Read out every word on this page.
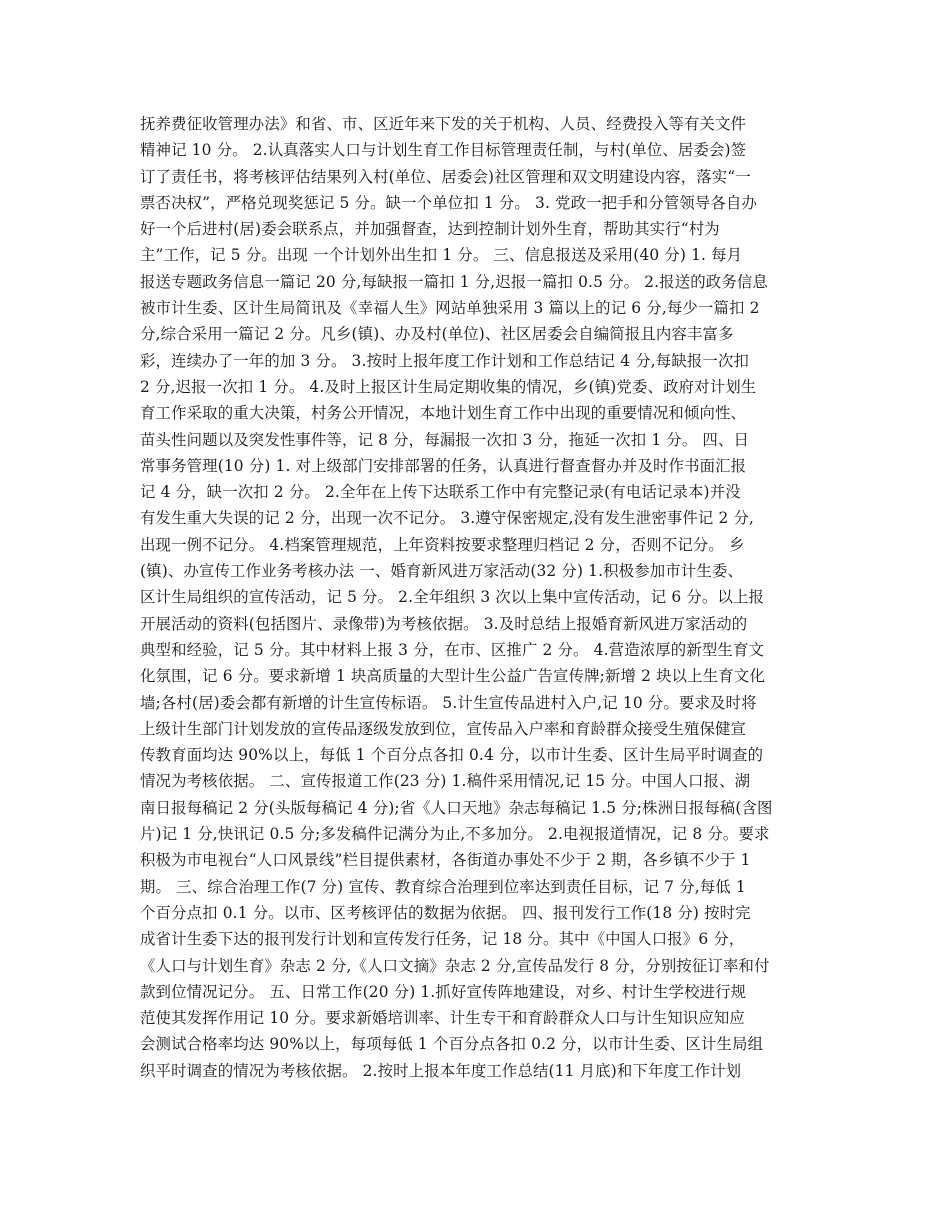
抚养费征收管理办法》和省、市、区近年来下发的关于机构、人员、经费投入等有关文件
精神记 10 分。 2.认真落实人口与计划生育工作目标管理责任制，与村(单位、居委会)签
订了责任书，将考核评估结果列入村(单位、居委会)社区管理和双文明建设内容，落实“一
票否决权”，严格兑现奖惩记 5 分。缺一个单位扣 1 分。 3. 党政一把手和分管领导各自办
好一个后进村(居)委会联系点，并加强督查，达到控制计划外生育，帮助其实行“村为
主”工作，记 5 分。出现 一个计划外出生扣 1 分。 三、信息报送及采用(40 分) 1. 每月
报送专题政务信息一篇记 20 分,每缺报一篇扣 1 分,迟报一篇扣 0.5 分。 2.报送的政务信息
被市计生委、区计生局简讯及《幸福人生》网站单独采用 3 篇以上的记 6 分,每少一篇扣 2
分,综合采用一篇记 2 分。凡乡(镇)、办及村(单位)、社区居委会自编简报且内容丰富多
彩，连续办了一年的加 3 分。 3.按时上报年度工作计划和工作总结记 4 分,每缺报一次扣
2 分,迟报一次扣 1 分。 4.及时上报区计生局定期收集的情况，乡(镇)党委、政府对计划生
育工作采取的重大决策，村务公开情况，本地计划生育工作中出现的重要情况和倾向性、
苗头性问题以及突发性事件等，记 8 分，每漏报一次扣 3 分，拖延一次扣 1 分。 四、日
常事务管理(10 分) 1. 对上级部门安排部署的任务，认真进行督查督办并及时作书面汇报
记 4 分，缺一次扣 2 分。 2.全年在上传下达联系工作中有完整记录(有电话记录本)并没
有发生重大失误的记 2 分，出现一次不记分。 3.遵守保密规定,没有发生泄密事件记 2 分,
出现一例不记分。 4.档案管理规范，上年资料按要求整理归档记 2 分，否则不记分。 乡
(镇)、办宣传工作业务考核办法 一、婚育新风进万家活动(32 分) 1.积极参加市计生委、
区计生局组织的宣传活动，记 5 分。 2.全年组织 3 次以上集中宣传活动，记 6 分。以上报
开展活动的资料(包括图片、录像带)为考核依据。 3.及时总结上报婚育新风进万家活动的
典型和经验，记 5 分。其中材料上报 3 分，在市、区推广 2 分。 4.营造浓厚的新型生育文
化氛围，记 6 分。要求新增 1 块高质量的大型计生公益广告宣传牌;新增 2 块以上生育文化
墙;各村(居)委会都有新增的计生宣传标语。 5.计生宣传品进村入户,记 10 分。要求及时将
上级计生部门计划发放的宣传品逐级发放到位，宣传品入户率和育龄群众接受生殖保健宣
传教育面均达 90%以上，每低 1 个百分点各扣 0.4 分，以市计生委、区计生局平时调查的
情况为考核依据。 二、宣传报道工作(23 分) 1.稿件采用情况,记 15 分。中国人口报、湖
南日报每稿记 2 分(头版每稿记 4 分);省《人口天地》杂志每稿记 1.5 分;株洲日报每稿(含图
片)记 1 分,快讯记 0.5 分;多发稿件记满分为止,不多加分。 2.电视报道情况，记 8 分。要求
积极为市电视台“人口风景线”栏目提供素材，各街道办事处不少于 2 期，各乡镇不少于 1
期。 三、综合治理工作(7 分) 宣传、教育综合治理到位率达到责任目标，记 7 分,每低 1
个百分点扣 0.1 分。以市、区考核评估的数据为依据。 四、报刊发行工作(18 分) 按时完
成省计生委下达的报刊发行计划和宣传发行任务，记 18 分。其中《中国人口报》6 分，
《人口与计划生育》杂志 2 分,《人口文摘》杂志 2 分,宣传品发行 8 分，分别按征订率和付
款到位情况记分。 五、日常工作(20 分) 1.抓好宣传阵地建设，对乡、村计生学校进行规
范使其发挥作用记 10 分。要求新婚培训率、计生专干和育龄群众人口与计生知识应知应
会测试合格率均达 90%以上，每项每低 1 个百分点各扣 0.2 分，以市计生委、区计生局组
织平时调查的情况为考核依据。 2.按时上报本年度工作总结(11 月底)和下年度工作计划
